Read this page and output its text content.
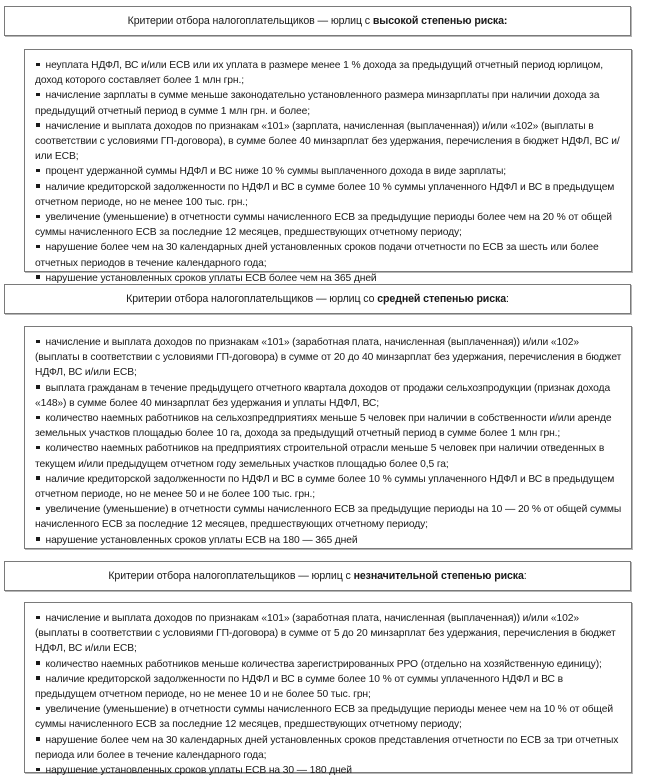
Критерии отбора налогоплательщиков — юрлиц с
высокой степенью риска:

неуплата НДФЛ, ВС и/или ЕСВ или их уплата в размере менее 1 % дохода за предыдущий отчетный период юрлицом, доход которого составляет более 1 млн грн.;

начисление зарплаты в сумме меньше законодательно установленного размера минзарплаты при наличии дохода за предыдущий отчетный период в сумме 1 млн грн. и более;

начисление и выплата доходов по признакам «101» (зарплата, начисленная (выплаченная)) и/или «102» (выплаты в соответствии с условиями ГП-договора), в сумме более 40 минзарплат без удержания, перечисления в бюджет НДФЛ, ВС и/или ЕСВ;

процент удержанной суммы НДФЛ и ВС ниже 10 % суммы выплаченного дохода в виде зарплаты;

наличие кредиторской задолженности по НДФЛ и ВС в сумме более 10 % суммы уплаченного НДФЛ и ВС в предыдущем отчетном периоде, но не менее 100 тыс. грн.;

увеличение (уменьшение) в отчетности суммы начисленного ЕСВ за предыдущие периоды более чем на 20 % от общей суммы начисленного ЕСВ за последние 12 месяцев, предшествующих отчетному периоду;

нарушение более чем на 30 календарных дней установленных сроков подачи отчетности по ЕСВ за шесть или более отчетных периодов в течение календарного года;

нарушение установленных сроков уплаты ЕСВ более чем на 365 дней

Критерии отбора налогоплательщиков — юрлиц со
средней степенью риска :

начисление и выплата доходов по признакам «101» (заработная плата, начисленная (выплаченная)) и/или «102» (выплаты в соответствии с условиями ГП-договора) в сумме от 20 до 40 минзарплат без удержания, перечисления в бюджет НДФЛ, ВС и/или ЕСВ;

выплата гражданам в течение предыдущего отчетного квартала доходов от продажи сельхозпродукции (признак дохода «148») в сумме более 40 минзарплат без удержания и уплаты НДФЛ, ВС;

количество наемных работников на сельхозпредприятиях меньше 5 человек при наличии в собственности и/или аренде земельных участков площадью более 10 га, дохода за предыдущий отчетный период в сумме более 1 млн грн.;

количество наемных работников на предприятиях строительной отрасли меньше 5 человек при наличии отведенных в текущем и/или предыдущем отчетном году земельных участков площадью более 0,5 га;

наличие кредиторской задолженности по НДФЛ и ВС в сумме более 10 % суммы уплаченного НДФЛ и ВС в предыдущем отчетном периоде, но не менее 50 и не более 100 тыс. грн.;

увеличение (уменьшение) в отчетности суммы начисленного ЕСВ за предыдущие периоды на 10 — 20 % от общей суммы начисленного ЕСВ за последние 12 месяцев, предшествующих отчетному периоду;

нарушение установленных сроков уплаты ЕСВ на 180 — 365 дней

Критерии отбора налогоплательщиков — юрлиц с
незначительной степенью риска :

начисление и выплата доходов по признакам «101» (заработная плата, начисленная (выплаченная)) и/или «102» (выплаты в соответствии с условиями ГП-договора) в сумме от 5 до 20 минзарплат без удержания, перечисления в бюджет НДФЛ, ВС и/или ЕСВ;

количество наемных работников меньше количества зарегистрированных РРО (отдельно на хозяйственную единицу);

наличие кредиторской задолженности по НДФЛ и ВС в сумме более 10 % от суммы уплаченного НДФЛ и ВС в предыдущем отчетном периоде, но не менее 10 и не более 50 тыс. грн;

увеличение (уменьшение) в отчетности суммы начисленного ЕСВ за предыдущие периоды менее чем на 10 % от общей суммы начисленного ЕСВ за последние 12 месяцев, предшествующих отчетному периоду;

нарушение более чем на 30 календарных дней установленных сроков представления отчетности по ЕСВ за три отчетных периода или более в течение календарного года;

нарушение установленных сроков уплаты ЕСВ на 30 — 180 дней
